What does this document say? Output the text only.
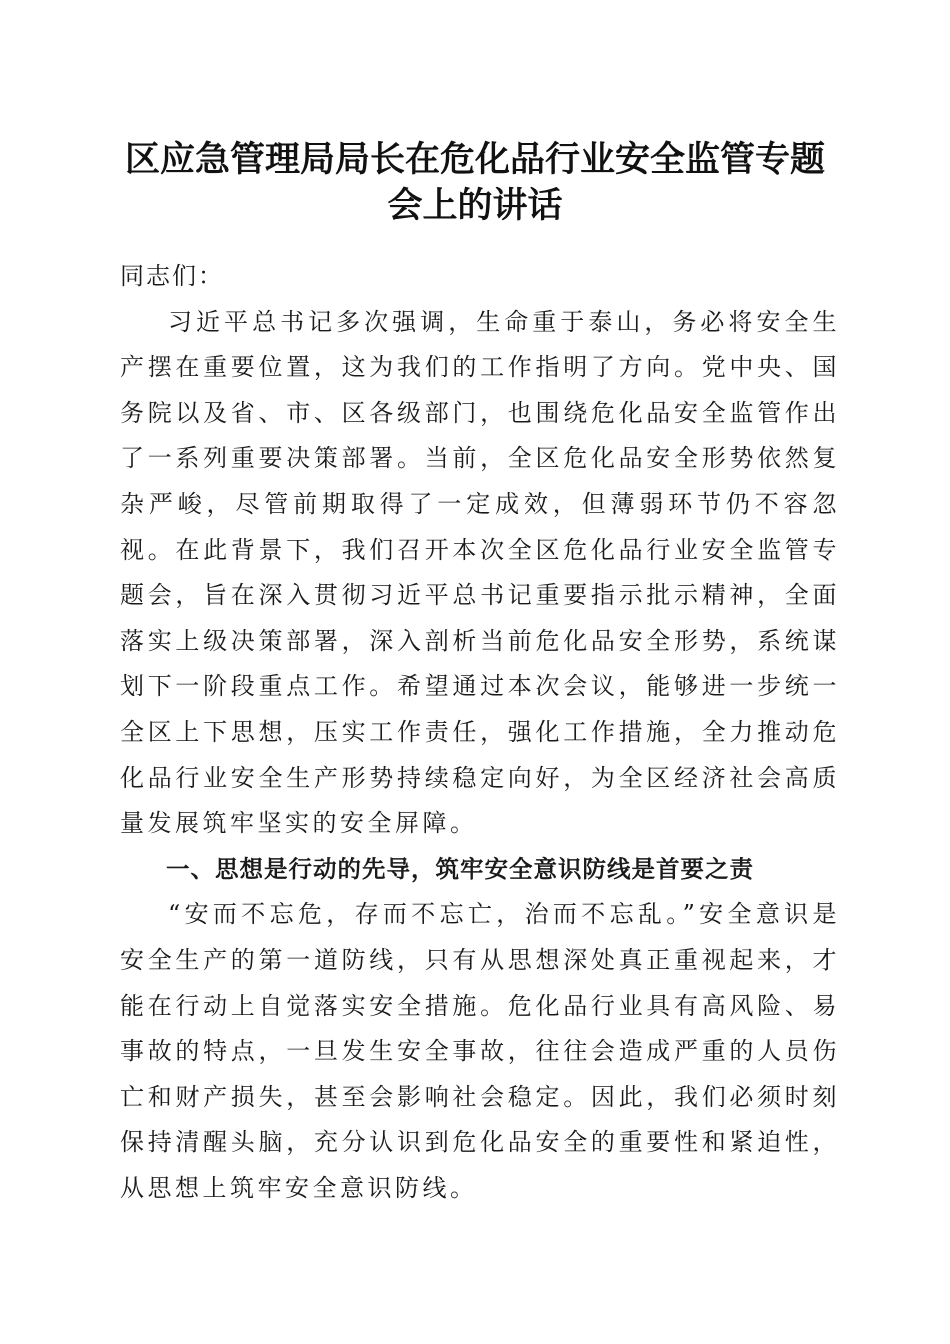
区应急管理局局长在危化品行业安全监管专题
会上的讲话

同志们：

习近平总书记多次强调，生命重于泰山，务必将安全生产摆在重要位置，这为我们的工作指明了方向。党中央、国务院以及省、市、区各级部门，也围绕危化品安全监管作出了一系列重要决策部署。当前，全区危化品安全形势依然复杂严峻，尽管前期取得了一定成效，但薄弱环节仍不容忽视。在此背景下，我们召开本次全区危化品行业安全监管专题会，旨在深入贯彻习近平总书记重要指示批示精神，全面落实上级决策部署，深入剖析当前危化品安全形势，系统谋划下一阶段重点工作。希望通过本次会议，能够进一步统一全区上下思想，压实工作责任，强化工作措施，全力推动危化品行业安全生产形势持续稳定向好，为全区经济社会高质量发展筑牢坚实的安全屏障。

一、思想是行动的先导，筑牢安全意识防线是首要之责

“安而不忘危，存而不忘亡，治而不忘乱。”安全意识是安全生产的第一道防线，只有从思想深处真正重视起来，才能在行动上自觉落实安全措施。危化品行业具有高风险、易事故的特点，一旦发生安全事故，往往会造成严重的人员伤亡和财产损失，甚至会影响社会稳定。因此，我们必须时刻保持清醒头脑，充分认识到危化品安全的重要性和紧迫性，从思想上筑牢安全意识防线。
